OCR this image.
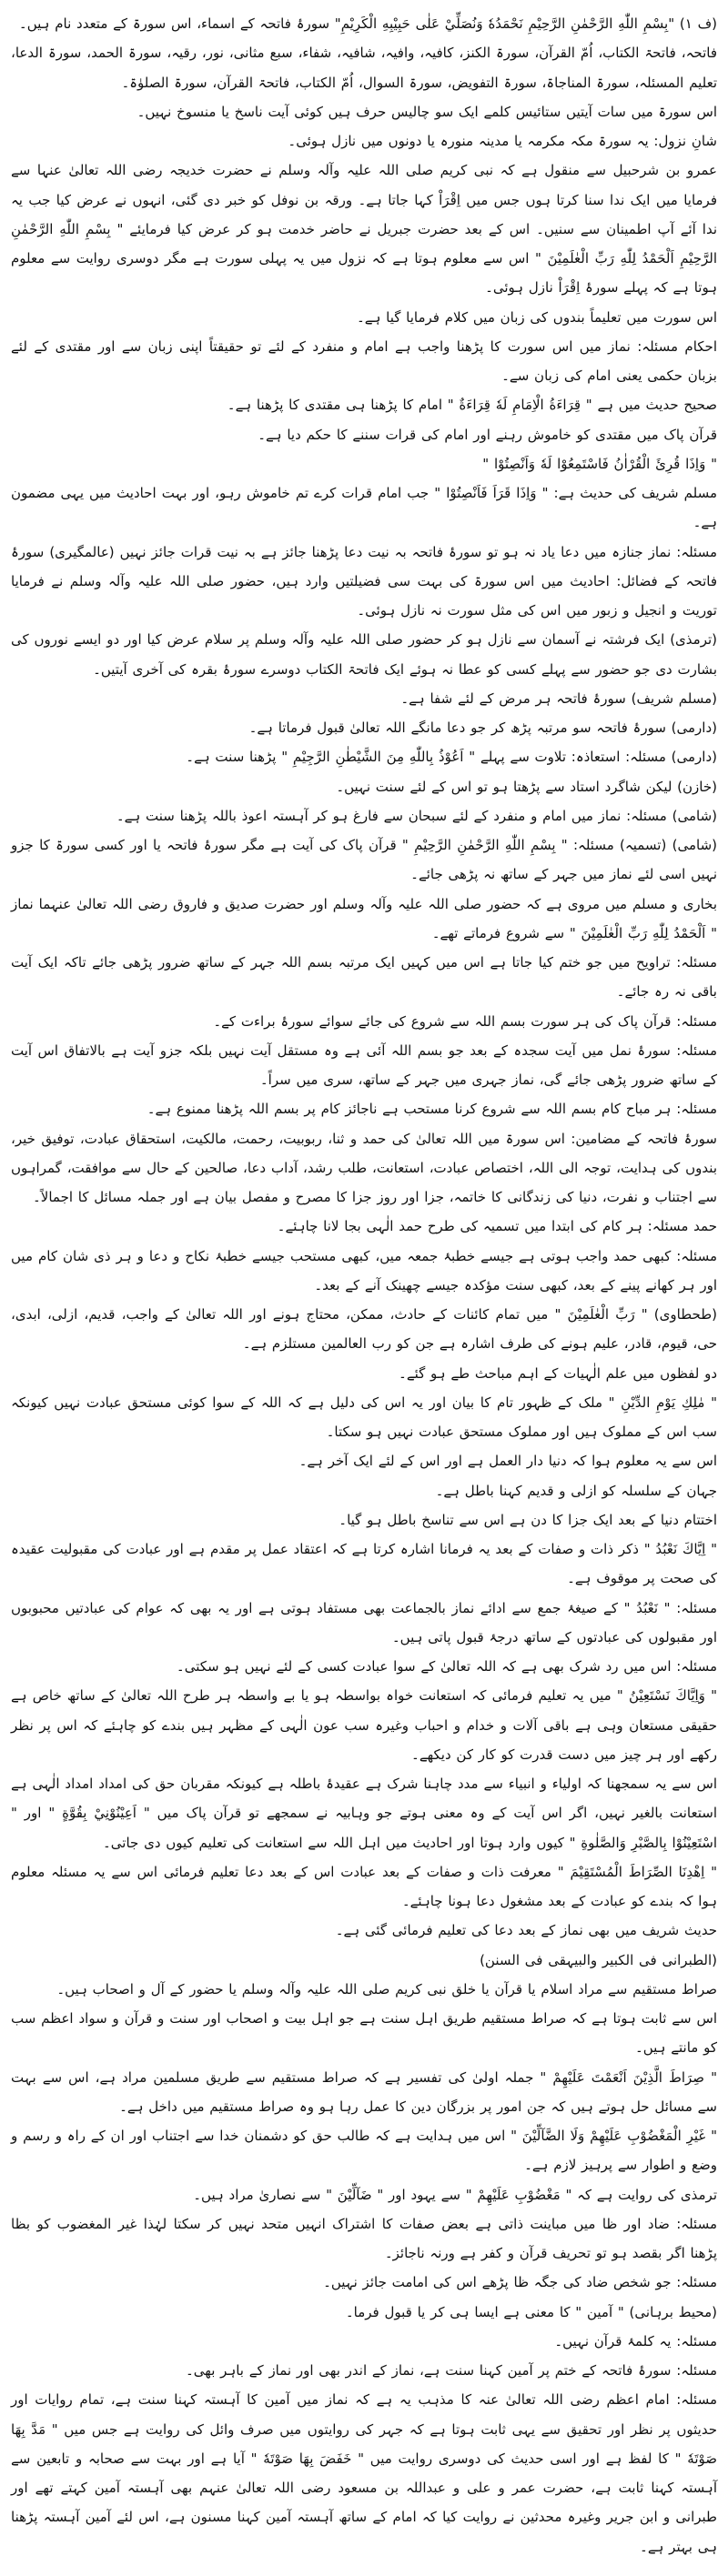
(ف ۱) "بِسْمِ اللّٰهِ الرَّحْمٰنِ الرَّحِيْمِ نَحْمَدُهٗ وَنُصَلِّيْ عَلٰى حَبِيْبِهِ الْكَرِيْمِ" سورۂ فاتحہ کے اسماء، اس سورۃ کے متعدد نام ہیں۔

فاتحہ، فاتحۃ الکتاب، اُمّ القرآن، سورۃ الکنز، کافیہ، وافیہ، شافیہ، شفاء، سبع مثانی، نور، رقیہ، سورۃ الحمد، سورۃ الدعا، تعلیم المسئلہ، سورۃ المناجاۃ، سورۃ التفویض، سورۃ السوال، اُمّ الکتاب، فاتحۃ القرآن، سورۃ الصلوٰۃ۔

اس سورۃ میں سات آیتیں ستائیس کلمے ایک سو چالیس حرف ہیں کوئی آیت ناسخ یا منسوخ نہیں۔

شانِ نزول: یہ سورۃ مکہ مکرمہ یا مدینہ منورہ یا دونوں میں نازل ہوئی۔

عمرو بن شرحبیل سے منقول ہے کہ نبی کریم صلی اللہ علیہ وآلہ وسلم نے حضرت خدیجہ رضی اللہ تعالیٰ عنہا سے فرمایا میں ایک ندا سنا کرتا ہوں جس میں اِقْرَاْ کہا جاتا ہے۔ ورقہ بن نوفل کو خبر دی گئی، انہوں نے عرض کیا جب یہ ندا آئے آپ اطمینان سے سنیں۔ اس کے بعد حضرت جبریل نے حاضر خدمت ہو کر عرض کیا فرمایئے " بِسْمِ اللّٰهِ الرَّحْمٰنِ الرَّحِيْمِ اَلْحَمْدُ لِلّٰهِ رَبِّ الْعٰلَمِيْنَ " اس سے معلوم ہوتا ہے کہ نزول میں یہ پہلی سورت ہے مگر دوسری روایت سے معلوم ہوتا ہے کہ پہلے سورۂ اِقْرَاْ نازل ہوئی۔

اس سورت میں تعلیماً بندوں کی زبان میں کلام فرمایا گیا ہے۔

احکام مسئلہ: نماز میں اس سورت کا پڑھنا واجب ہے امام و منفرد کے لئے تو حقیقتاً اپنی زبان سے اور مقتدی کے لئے بزبان حکمی یعنی امام کی زبان سے۔

صحیح حدیث میں ہے " قِرَاءَةُ الْاِمَامِ لَهٗ قِرَاءَةٌ " امام کا پڑھنا ہی مقتدی کا پڑھنا ہے۔

قرآن پاک میں مقتدی کو خاموش رہنے اور امام کی قرات سننے کا حکم دیا ہے۔

" وَاِذَا قُرِئَ الْقُرْاٰنُ فَاسْتَمِعُوْا لَهٗ وَاَنْصِتُوْا "

مسلم شریف کی حدیث ہے: " وَاِذَا قَرَاَ فَاَنْصِتُوْا " جب امام قرات کرے تم خاموش رہو، اور بہت احادیث میں یہی مضمون ہے۔

مسئلہ: نماز جنازہ میں دعا یاد نہ ہو تو سورۂ فاتحہ بہ نیت دعا پڑھنا جائز ہے بہ نیت قرات جائز نہیں (عالمگیری) سورۂ فاتحہ کے فضائل: احادیث میں اس سورۃ کی بہت سی فضیلتیں وارد ہیں، حضور صلی اللہ علیہ وآلہ وسلم نے فرمایا توریت و انجیل و زبور میں اس کی مثل سورت نہ نازل ہوئی۔

(ترمذی) ایک فرشتہ نے آسمان سے نازل ہو کر حضور صلی اللہ علیہ وآلہ وسلم پر سلام عرض کیا اور دو ایسے نوروں کی بشارت دی جو حضور سے پہلے کسی کو عطا نہ ہوئے ایک فاتحۃ الکتاب دوسرے سورۂ بقرہ کی آخری آیتیں۔

(مسلم شریف) سورۂ فاتحہ ہر مرض کے لئے شفا ہے۔

(دارمی) سورۂ فاتحہ سو مرتبہ پڑھ کر جو دعا مانگے اللہ تعالیٰ قبول فرماتا ہے۔

(دارمی) مسئلہ: استعاذہ: تلاوت سے پہلے " اَعُوْذُ بِاللّٰهِ مِنَ الشَّيْطٰنِ الرَّجِيْمِ " پڑھنا سنت ہے۔

(خازن) لیکن شاگرد استاد سے پڑھتا ہو تو اس کے لئے سنت نہیں۔

(شامی) مسئلہ: نماز میں امام و منفرد کے لئے سبحان سے فارغ ہو کر آہستہ اعوذ باللہ پڑھنا سنت ہے۔

(شامی) (تسمیہ) مسئلہ: " بِسْمِ اللّٰهِ الرَّحْمٰنِ الرَّحِيْمِ " قرآن پاک کی آیت ہے مگر سورۂ فاتحہ یا اور کسی سورۃ کا جزو نہیں اسی لئے نماز میں جہر کے ساتھ نہ پڑھی جائے۔

بخاری و مسلم میں مروی ہے کہ حضور صلی اللہ علیہ وآلہ وسلم اور حضرت صدیق و فاروق رضی اللہ تعالیٰ عنہما نماز " اَلْحَمْدُ لِلّٰهِ رَبِّ الْعٰلَمِيْنَ " سے شروع فرماتے تھے۔

مسئلہ: تراویح میں جو ختم کیا جاتا ہے اس میں کہیں ایک مرتبہ بسم اللہ جہر کے ساتھ ضرور پڑھی جائے تاکہ ایک آیت باقی نہ رہ جائے۔

مسئلہ: قرآن پاک کی ہر سورت بسم اللہ سے شروع کی جائے سوائے سورۂ براءت کے۔

مسئلہ: سورۂ نمل میں آیت سجدہ کے بعد جو بسم اللہ آئی ہے وہ مستقل آیت نہیں بلکہ جزو آیت ہے بالاتفاق اس آیت کے ساتھ ضرور پڑھی جائے گی، نماز جہری میں جہر کے ساتھ، سری میں سراً۔

مسئلہ: ہر مباح کام بسم اللہ سے شروع کرنا مستحب ہے ناجائز کام پر بسم اللہ پڑھنا ممنوع ہے۔

سورۂ فاتحہ کے مضامین: اس سورۃ میں اللہ تعالیٰ کی حمد و ثنا، ربوبیت، رحمت، مالکیت، استحقاق عبادت، توفیق خیر، بندوں کی ہدایت، توجہ الی اللہ، اختصاص عبادت، استعانت، طلب رشد، آداب دعا، صالحین کے حال سے موافقت، گمراہوں سے اجتناب و نفرت، دنیا کی زندگانی کا خاتمہ، جزا اور روز جزا کا مصرح و مفصل بیان ہے اور جملہ مسائل کا اجمالاً۔

حمد مسئلہ: ہر کام کی ابتدا میں تسمیہ کی طرح حمد الٰہی بجا لانا چاہئے۔

مسئلہ: کبھی حمد واجب ہوتی ہے جیسے خطبۂ جمعہ میں، کبھی مستحب جیسے خطبۂ نکاح و دعا و ہر ذی شان کام میں اور ہر کھانے پینے کے بعد، کبھی سنت مؤکدہ جیسے چھینک آنے کے بعد۔

(طحطاوی) " رَبِّ الْعٰلَمِيْنَ " میں تمام کائنات کے حادث، ممکن، محتاج ہونے اور اللہ تعالیٰ کے واجب، قدیم، ازلی، ابدی، حی، قیوم، قادر، علیم ہونے کی طرف اشارہ ہے جن کو رب العالمین مستلزم ہے۔

دو لفظوں میں علم الٰہیات کے اہم مباحث طے ہو گئے۔

" مٰلِكِ يَوْمِ الدِّيْنِ " ملک کے ظہور تام کا بیان اور یہ اس کی دلیل ہے کہ اللہ کے سوا کوئی مستحق عبادت نہیں کیونکہ سب اس کے مملوک ہیں اور مملوک مستحق عبادت نہیں ہو سکتا۔

اس سے یہ معلوم ہوا کہ دنیا دار العمل ہے اور اس کے لئے ایک آخر ہے۔

جہان کے سلسلہ کو ازلی و قدیم کہنا باطل ہے۔

اختتام دنیا کے بعد ایک جزا کا دن ہے اس سے تناسخ باطل ہو گیا۔

" اِيَّاكَ نَعْبُدُ " ذکر ذات و صفات کے بعد یہ فرمانا اشارہ کرتا ہے کہ اعتقاد عمل پر مقدم ہے اور عبادت کی مقبولیت عقیدہ کی صحت پر موقوف ہے۔

مسئلہ: " نَعْبُدُ " کے صیغۂ جمع سے ادائے نماز بالجماعت بھی مستفاد ہوتی ہے اور یہ بھی کہ عوام کی عبادتیں محبوبوں اور مقبولوں کی عبادتوں کے ساتھ درجۂ قبول پاتی ہیں۔

مسئلہ: اس میں رد شرک بھی ہے کہ اللہ تعالیٰ کے سوا عبادت کسی کے لئے نہیں ہو سکتی۔

" وَاِيَّاكَ نَسْتَعِيْنُ " میں یہ تعلیم فرمائی کہ استعانت خواہ بواسطہ ہو یا بے واسطہ ہر طرح اللہ تعالیٰ کے ساتھ خاص ہے حقیقی مستعان وہی ہے باقی آلات و خدام و احباب وغیرہ سب عون الٰہی کے مظہر ہیں بندے کو چاہئے کہ اس پر نظر رکھے اور ہر چیز میں دست قدرت کو کار کن دیکھے۔

اس سے یہ سمجھنا کہ اولیاء و انبیاء سے مدد چاہنا شرک ہے عقیدۂ باطلہ ہے کیونکہ مقربان حق کی امداد امداد الٰہی ہے استعانت بالغیر نہیں، اگر اس آیت کے وہ معنی ہوتے جو وہابیہ نے سمجھے تو قرآن پاک میں " اَعِيْنُوْنِيْ بِقُوَّةٍ " اور " اسْتَعِيْنُوْا بِالصَّبْرِ وَالصَّلٰوةِ " کیوں وارد ہوتا اور احادیث میں اہل اللہ سے استعانت کی تعلیم کیوں دی جاتی۔

" اِهْدِنَا الصِّرَاطَ الْمُسْتَقِيْمَ " معرفت ذات و صفات کے بعد عبادت اس کے بعد دعا تعلیم فرمائی اس سے یہ مسئلہ معلوم ہوا کہ بندے کو عبادت کے بعد مشغول دعا ہونا چاہئے۔

حدیث شریف میں بھی نماز کے بعد دعا کی تعلیم فرمائی گئی ہے۔

(الطبرانی فی الکبیر والبیہقی فی السنن)

صراط مستقیم سے مراد اسلام یا قرآن یا خلق نبی کریم صلی اللہ علیہ وآلہ وسلم یا حضور کے آل و اصحاب ہیں۔

اس سے ثابت ہوتا ہے کہ صراط مستقیم طریق اہل سنت ہے جو اہل بیت و اصحاب اور سنت و قرآن و سواد اعظم سب کو مانتے ہیں۔

" صِرَاطَ الَّذِيْنَ اَنْعَمْتَ عَلَيْهِمْ " جملہ اولیٰ کی تفسیر ہے کہ صراط مستقیم سے طریق مسلمین مراد ہے، اس سے بہت سے مسائل حل ہوتے ہیں کہ جن امور پر بزرگان دین کا عمل رہا ہو وہ صراط مستقیم میں داخل ہے۔

" غَيْرِ الْمَغْضُوْبِ عَلَيْهِمْ وَلَا الضَّآلِّيْنَ " اس میں ہدایت ہے کہ طالب حق کو دشمنان خدا سے اجتناب اور ان کے راہ و رسم و وضع و اطوار سے پرہیز لازم ہے۔

ترمذی کی روایت ہے کہ " مَغْضُوْبِ عَلَيْهِمْ " سے یہود اور " ضَآلِّيْنَ " سے نصاریٰ مراد ہیں۔

مسئلہ: ضاد اور ظا میں مباینت ذاتی ہے بعض صفات کا اشتراک انہیں متحد نہیں کر سکتا لہٰذا غیر المغضوب کو بظا پڑھنا اگر بقصد ہو تو تحریف قرآن و کفر ہے ورنہ ناجائز۔

مسئلہ: جو شخص ضاد کی جگہ ظا پڑھے اس کی امامت جائز نہیں۔

(محیط برہانی) " آمین " کا معنی ہے ایسا ہی کر یا قبول فرما۔

مسئلہ: یہ کلمۂ قرآن نہیں۔

مسئلہ: سورۂ فاتحہ کے ختم پر آمین کہنا سنت ہے، نماز کے اندر بھی اور نماز کے باہر بھی۔

مسئلہ: امام اعظم رضی اللہ تعالیٰ عنہ کا مذہب یہ ہے کہ نماز میں آمین کا آہستہ کہنا سنت ہے، تمام روایات اور حدیثوں پر نظر اور تحقیق سے یہی ثابت ہوتا ہے کہ جہر کی روایتوں میں صرف وائل کی روایت ہے جس میں " مَدَّ بِهَا صَوْتَهٗ " کا لفظ ہے اور اسی حدیث کی دوسری روایت میں " خَفَضَ بِهَا صَوْتَهٗ " آیا ہے اور بہت سے صحابہ و تابعین سے آہستہ کہنا ثابت ہے، حضرت عمر و علی و عبداللہ بن مسعود رضی اللہ تعالیٰ عنہم بھی آہستہ آمین کہتے تھے اور طبرانی و ابن جریر وغیرہ محدثین نے روایت کیا کہ امام کے ساتھ آہستہ آمین کہنا مسنون ہے، اس لئے آمین آہستہ پڑھنا ہی بہتر ہے۔
